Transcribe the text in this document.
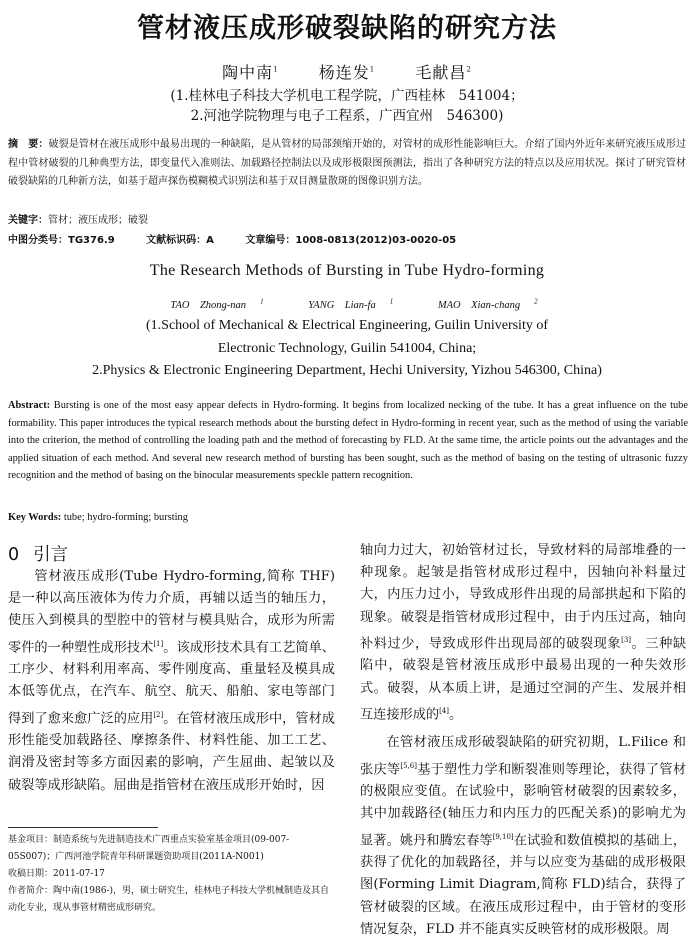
管材液压成形破裂缺陷的研究方法
陶中南$^1$　　	杨连发$^1$　　	毛献昌$^2$
(1.桂林电子科技大学机电工程学院，广西桂林　541004；
2.河池学院物理与电子工程系，广西宜州　546300)
摘　要：破裂是管材在液压成形中最易出现的一种缺陷，是从管材的局部颈缩开始的，对管材的成形性能影响巨大。介绍了国内外近年来研究液压成形过程中管材破裂的几种典型方法，即变量代入准则法、加载路径控制法以及成形极限图预测法，指出了各种研究方法的特点以及应用状况。探讨了研究管材破裂缺陷的几种新方法，如基于超声探伤模糊模式识别法和基于双目测量散斑的图像识别方法。
关键字：管材；液压成形；破裂
中图分类号：TG376.9	文献标识码：A	文章编号：1008-0813(2012)03-0020-05
The Research Methods of Bursting in Tube Hydro-forming
TAO　Zhong-nan $^1$	YANG　Lian-fa $^1$	MAO　Xian-chang $^2$
(1.School of Mechanical & Electrical Engineering, Guilin University of
Electronic Technology, Guilin 541004, China;
2.Physics & Electronic Engineering Department, Hechi University, Yizhou 546300, China)
Abstract: Bursting is one of the most easy appear defects in Hydro-forming. It begins from localized necking of the tube. It has a great influence on the tube formability. This paper introduces the typical research methods about the bursting defect in Hydro-forming in recent year, such as the method of using the variable into the criterion, the method of controlling the loading path and the method of forecasting by FLD. At the same time, the article points out the advantages and the applied situation of each method. And several new research method of bursting has been sought, such as the method of basing on the testing of ultrasonic fuzzy recognition and the method of basing on the binocular measurements speckle pattern recognition.
Key Words: tube; hydro-forming; bursting
0 引言

管材液压成形(Tube Hydro-forming,简称 THF)是一种以高压液体为传力介质，再辅以适当的轴压力，使压入到模具的型腔中的管材与模具贴合，成形为所需零件的一种塑性成形技术[1]。该成形技术具有工艺简单、工序少、材料利用率高、零件刚度高、重量轻及模具成本低等优点，在汽车、航空、航天、船舶、家电等部门得到了愈来愈广泛的应用[2]。在管材液压成形中，管材成形性能受加载路径、摩擦条件、材料性能、加工工艺、润滑及密封等多方面因素的影响，产生屈曲、起皱以及破裂等成形缺陷。屈曲是指管材在液压成形开始时，因

轴向力过大，初始管材过长，导致材料的局部堆叠的一种现象。起皱是指管材成形过程中，因轴向补料量过大，内压力过小，导致成形件出现的局部拱起和下陷的现象。破裂是指管材成形过程中，由于内压过高，轴向补料过少，导致成形件出现局部的破裂现象[3]。三种缺陷中，破裂是管材液压成形中最易出现的一种失效形式。破裂，从本质上讲，是通过空洞的产生、发展并相互连接形成的[4]。

在管材液压成形破裂缺陷的研究初期，L.Filice 和张庆等[5,6]基于塑性力学和断裂准则等理论，获得了管材的极限应变值。在试验中，影响管材破裂的因素较多，其中加载路径(轴压力和内压力的匹配关系)的影响尤为显著。姚丹和腾宏春等[9,10]在试验和数值模拟的基础上，获得了优化的加载路径，并与以应变为基础的成形极限图(Forming Limit Diagram,简称 FLD)结合，获得了管材破裂的区域。在液压成形过程中，由于管材的变形情况复杂，FLD 并不能真实反映管材的成形极限。周

基金项目：制造系统与先进制造技术广西重点实验室基金项目(09-007-05S007)；广西河池学院青年科研课题资助项目(2011A-N001)

收稿日期：2011-07-17

作者简介：陶中南(1986-)，男，硕士研究生，桂林电子科技大学机械制造及其自动化专业，现从事管材精密成形研究。
